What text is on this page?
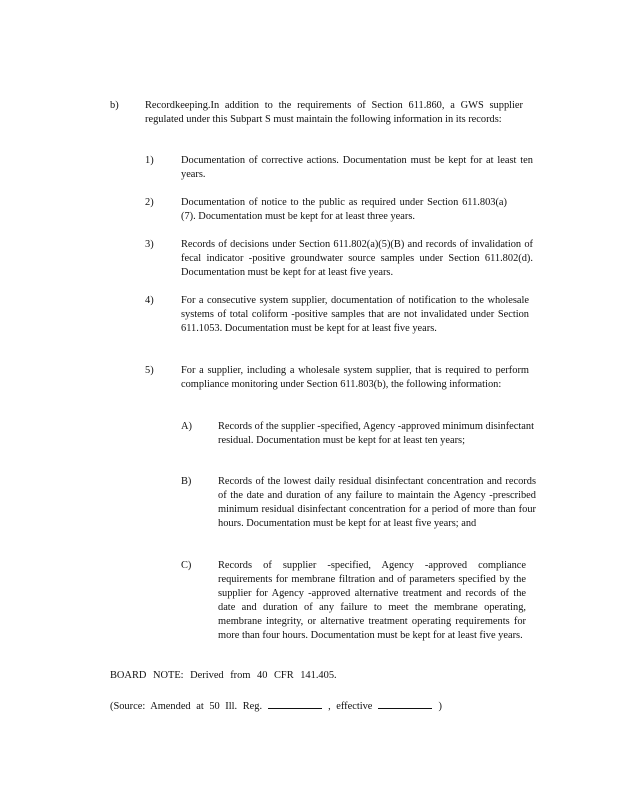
b)	Recordkeeping.In addition to the requirements of Section 611.860, a GWS supplier regulated under this Subpart S must maintain the following information in its records:
1)	Documentation of corrective actions. Documentation must be kept for at least ten years.
2)	Documentation of notice to the public as required under Section 611.803(a)(7). Documentation must be kept for at least three years.
3)	Records of decisions under Section 611.802(a)(5)(B) and records of invalidation of fecal indicator -positive groundwater source samples under Section 611.802(d). Documentation must be kept for at least five years.
4)	For a consecutive system supplier, documentation of notification to the wholesale systems of total coliform -positive samples that are not invalidated under Section 611.1053. Documentation must be kept for at least five years.
5)	For a supplier, including a wholesale system supplier, that is required to perform compliance monitoring under Section 611.803(b), the following information:
A)	Records of the supplier -specified, Agency -approved minimum disinfectant residual. Documentation must be kept for at least ten years;
B)	Records of the lowest daily residual disinfectant concentration and records of the date and duration of any failure to maintain the Agency -prescribed minimum residual disinfectant concentration for a period of more than four hours. Documentation must be kept for at least five years; and
C)	Records of supplier -specified, Agency -approved compliance requirements for membrane filtration and of parameters specified by the supplier for Agency -approved alternative treatment and records of the date and duration of any failure to meet the membrane operating, membrane integrity, or alternative treatment operating requirements for more than four hours. Documentation must be kept for at least five years.
BOARD NOTE: Derived from 40 CFR 141.405.
(Source: Amended at 50 Ill. Reg.	, effective	)
